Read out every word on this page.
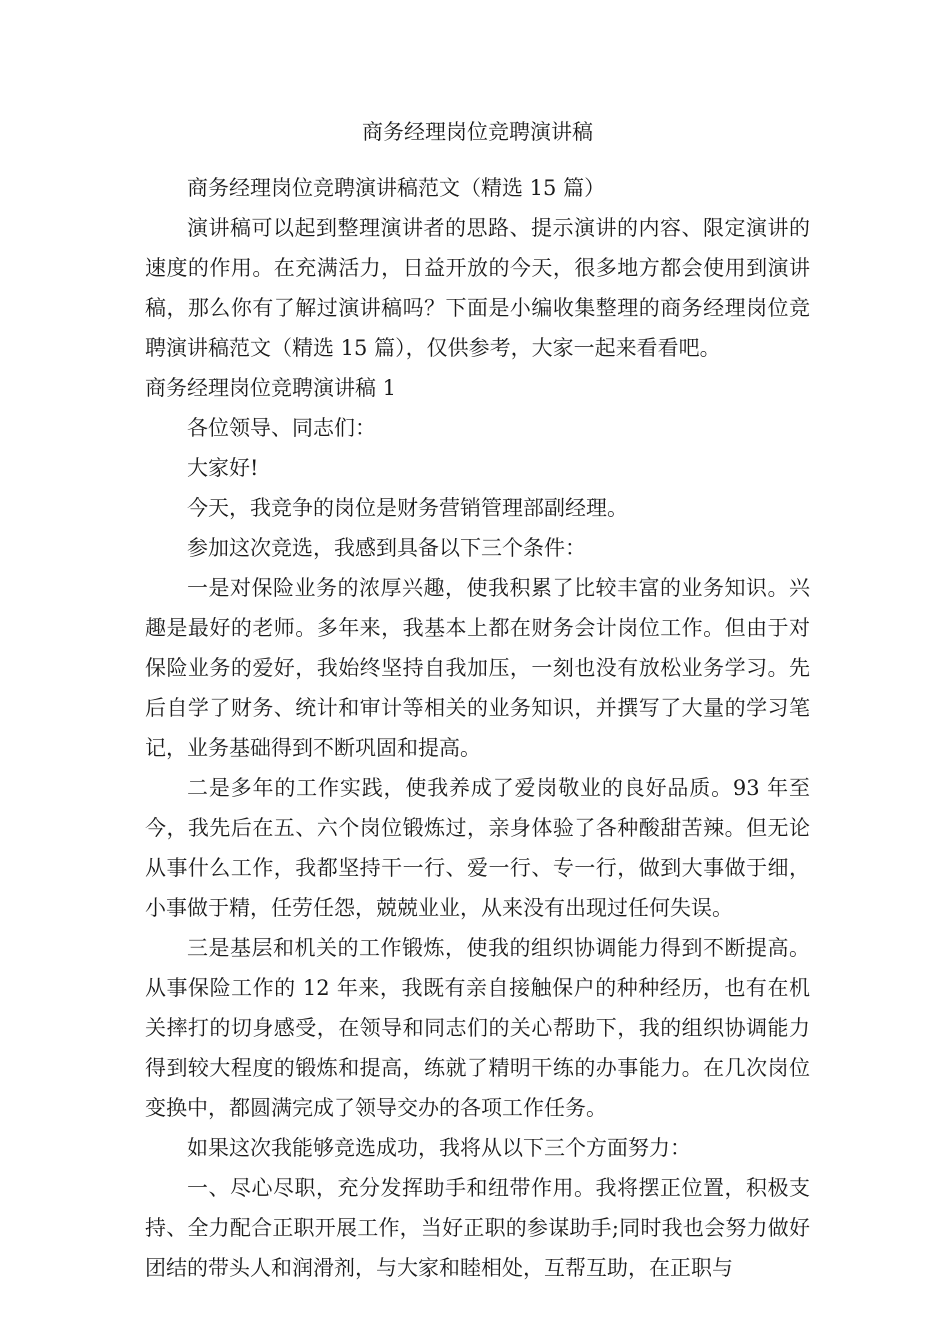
商务经理岗位竞聘演讲稿

商务经理岗位竞聘演讲稿范文（精选 15 篇）

演讲稿可以起到整理演讲者的思路、提示演讲的内容、限定演讲的速度的作用。在充满活力，日益开放的今天，很多地方都会使用到演讲稿，那么你有了解过演讲稿吗？下面是小编收集整理的商务经理岗位竞聘演讲稿范文（精选 15 篇），仅供参考，大家一起来看看吧。

商务经理岗位竞聘演讲稿 1

各位领导、同志们：

大家好!

今天，我竞争的岗位是财务营销管理部副经理。

参加这次竞选，我感到具备以下三个条件：

一是对保险业务的浓厚兴趣，使我积累了比较丰富的业务知识。兴趣是最好的老师。多年来，我基本上都在财务会计岗位工作。但由于对保险业务的爱好，我始终坚持自我加压，一刻也没有放松业务学习。先后自学了财务、统计和审计等相关的业务知识，并撰写了大量的学习笔记，业务基础得到不断巩固和提高。

二是多年的工作实践，使我养成了爱岗敬业的良好品质。93 年至今，我先后在五、六个岗位锻炼过，亲身体验了各种酸甜苦辣。但无论从事什么工作，我都坚持干一行、爱一行、专一行，做到大事做于细，小事做于精，任劳任怨，兢兢业业，从来没有出现过任何失误。

三是基层和机关的工作锻炼，使我的组织协调能力得到不断提高。从事保险工作的 12 年来，我既有亲自接触保户的种种经历，也有在机关摔打的切身感受，在领导和同志们的关心帮助下，我的组织协调能力得到较大程度的锻炼和提高，练就了精明干练的办事能力。在几次岗位变换中，都圆满完成了领导交办的各项工作任务。

如果这次我能够竞选成功，我将从以下三个方面努力：

一、尽心尽职，充分发挥助手和纽带作用。我将摆正位置，积极支持、全力配合正职开展工作，当好正职的参谋助手;同时我也会努力做好团结的带头人和润滑剂，与大家和睦相处，互帮互助，在正职与
